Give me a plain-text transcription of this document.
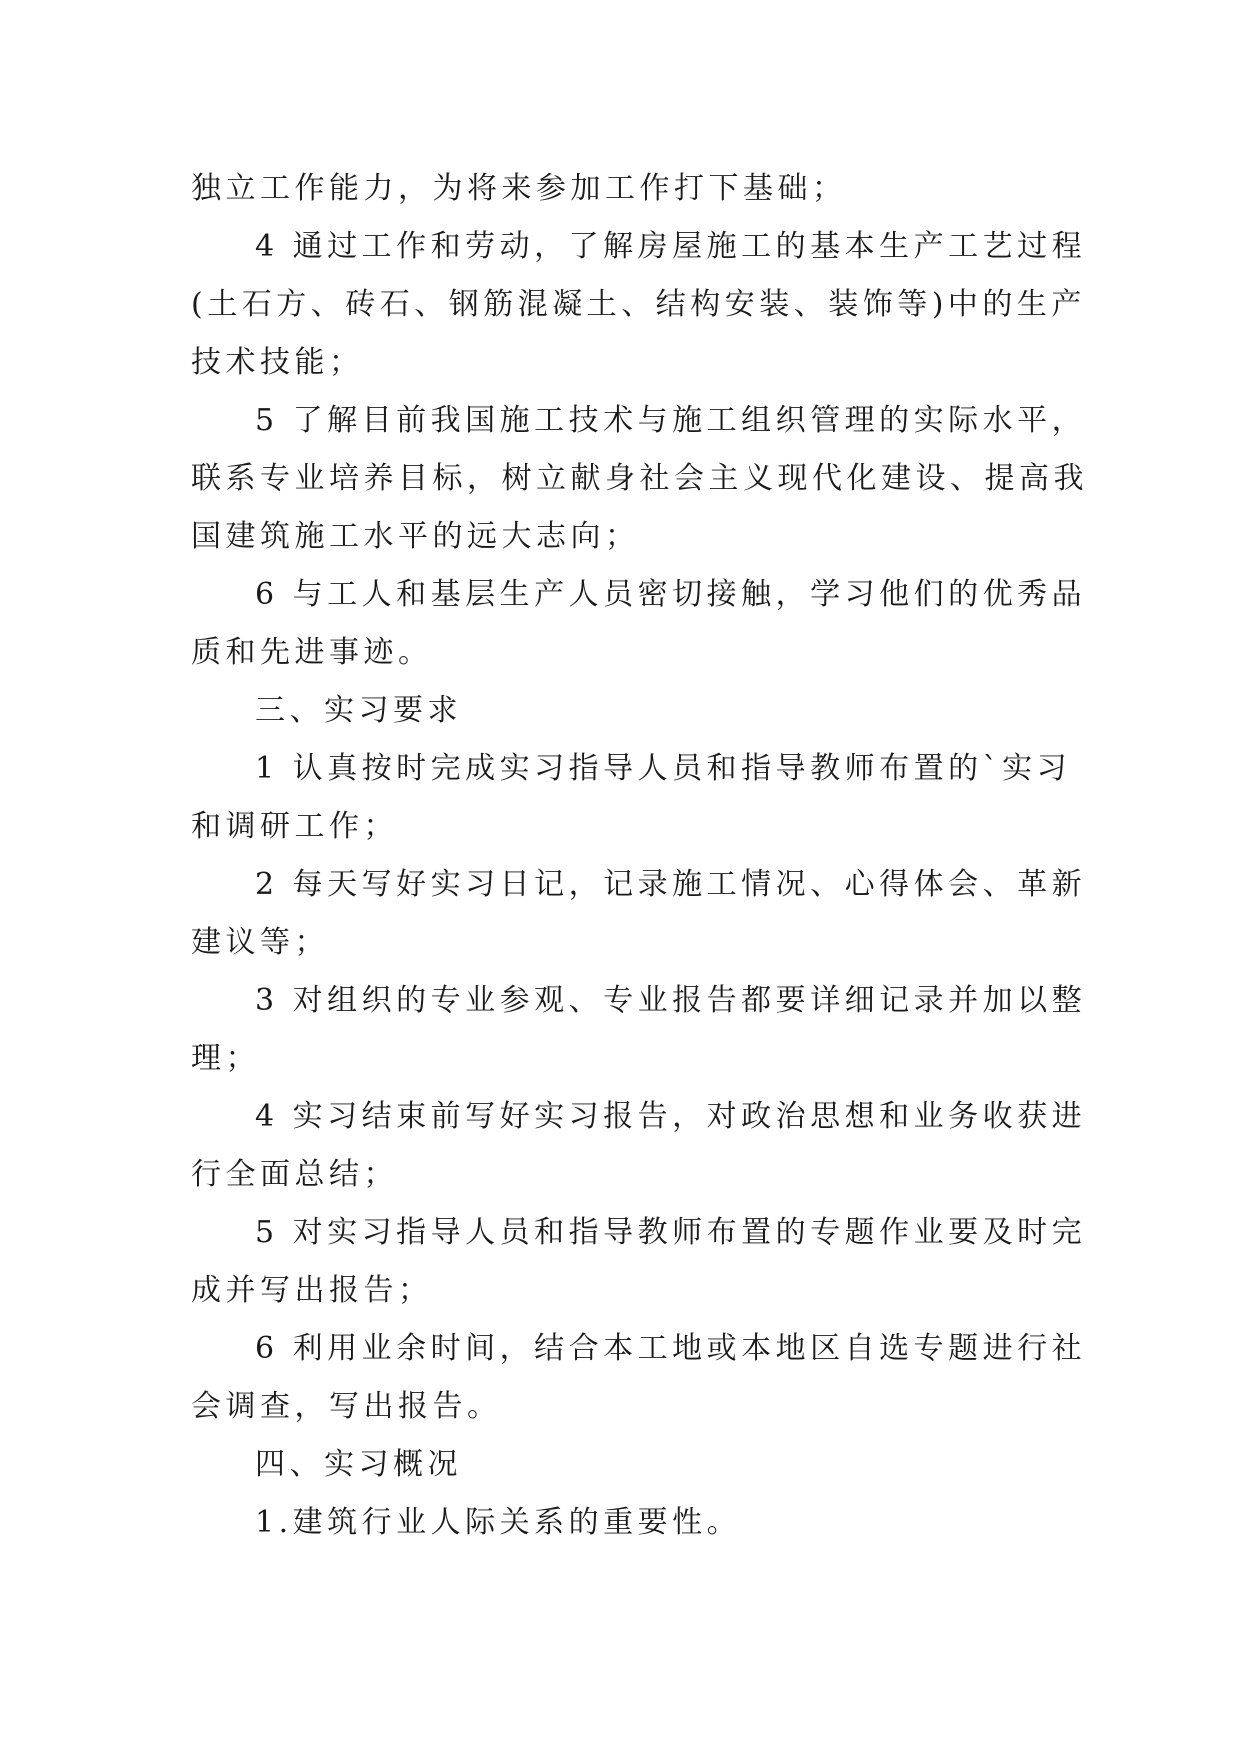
独立工作能力，为将来参加工作打下基础；
4 通过工作和劳动，了解房屋施工的基本生产工艺过程
(土石方、砖石、钢筋混凝土、结构安装、装饰等)中的生产
技术技能；
5 了解目前我国施工技术与施工组织管理的实际水平，
联系专业培养目标，树立献身社会主义现代化建设、提高我
国建筑施工水平的远大志向；
6 与工人和基层生产人员密切接触，学习他们的优秀品
质和先进事迹。
三、实习要求
1 认真按时完成实习指导人员和指导教师布置的`实习
和调研工作；
2 每天写好实习日记，记录施工情况、心得体会、革新
建议等；
3 对组织的专业参观、专业报告都要详细记录并加以整
理；
4 实习结束前写好实习报告，对政治思想和业务收获进
行全面总结；
5 对实习指导人员和指导教师布置的专题作业要及时完
成并写出报告；
6 利用业余时间，结合本工地或本地区自选专题进行社
会调查，写出报告。
四、实习概况
1.建筑行业人际关系的重要性。
